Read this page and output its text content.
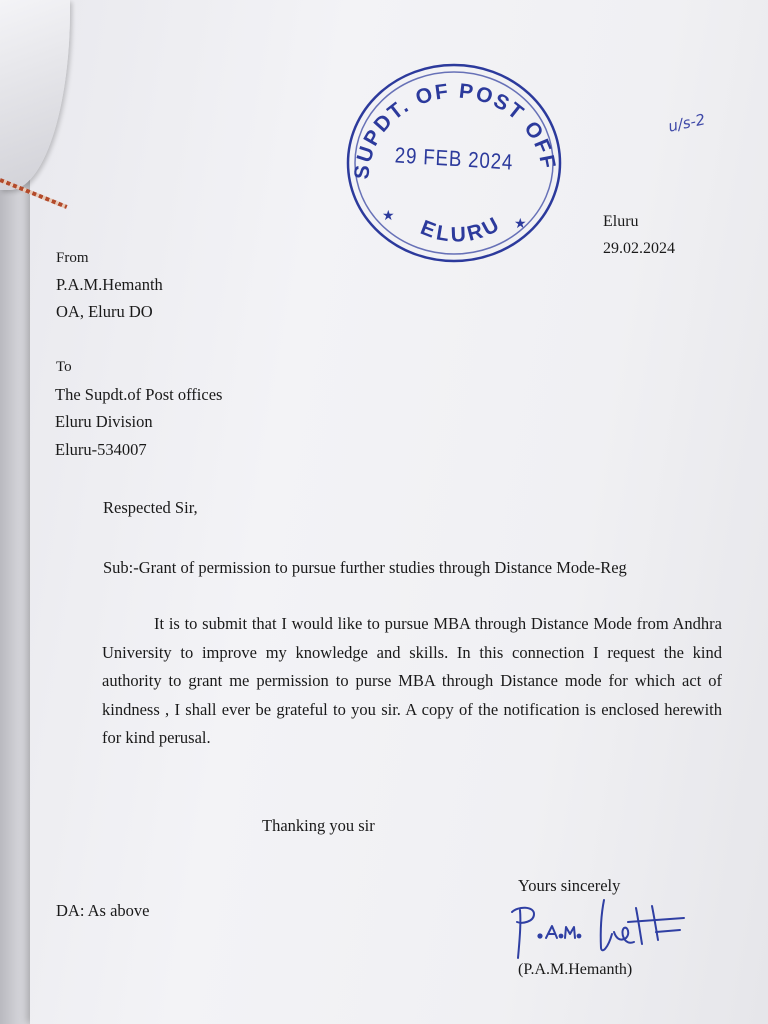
SUPDT. OF POST OFF
ELURU
★	★
29 FEB 2024
u/s-2
Eluru
29.02.2024
From
P.A.M.Hemanth
OA, Eluru DO
To
The Supdt.of Post offices
Eluru Division
Eluru-534007
Respected Sir,
Sub:-Grant of permission to pursue further studies through Distance Mode-Reg
It is to submit that I would like to pursue MBA through Distance Mode from Andhra University to improve my knowledge and skills. In this connection I request the kind authority to grant me permission to purse MBA through Distance mode for which act of kindness , I shall ever be grateful to you sir. A copy of the notification is enclosed herewith for kind perusal.
Thanking you sir
Yours sincerely
DA: As above
(P.A.M.Hemanth)
